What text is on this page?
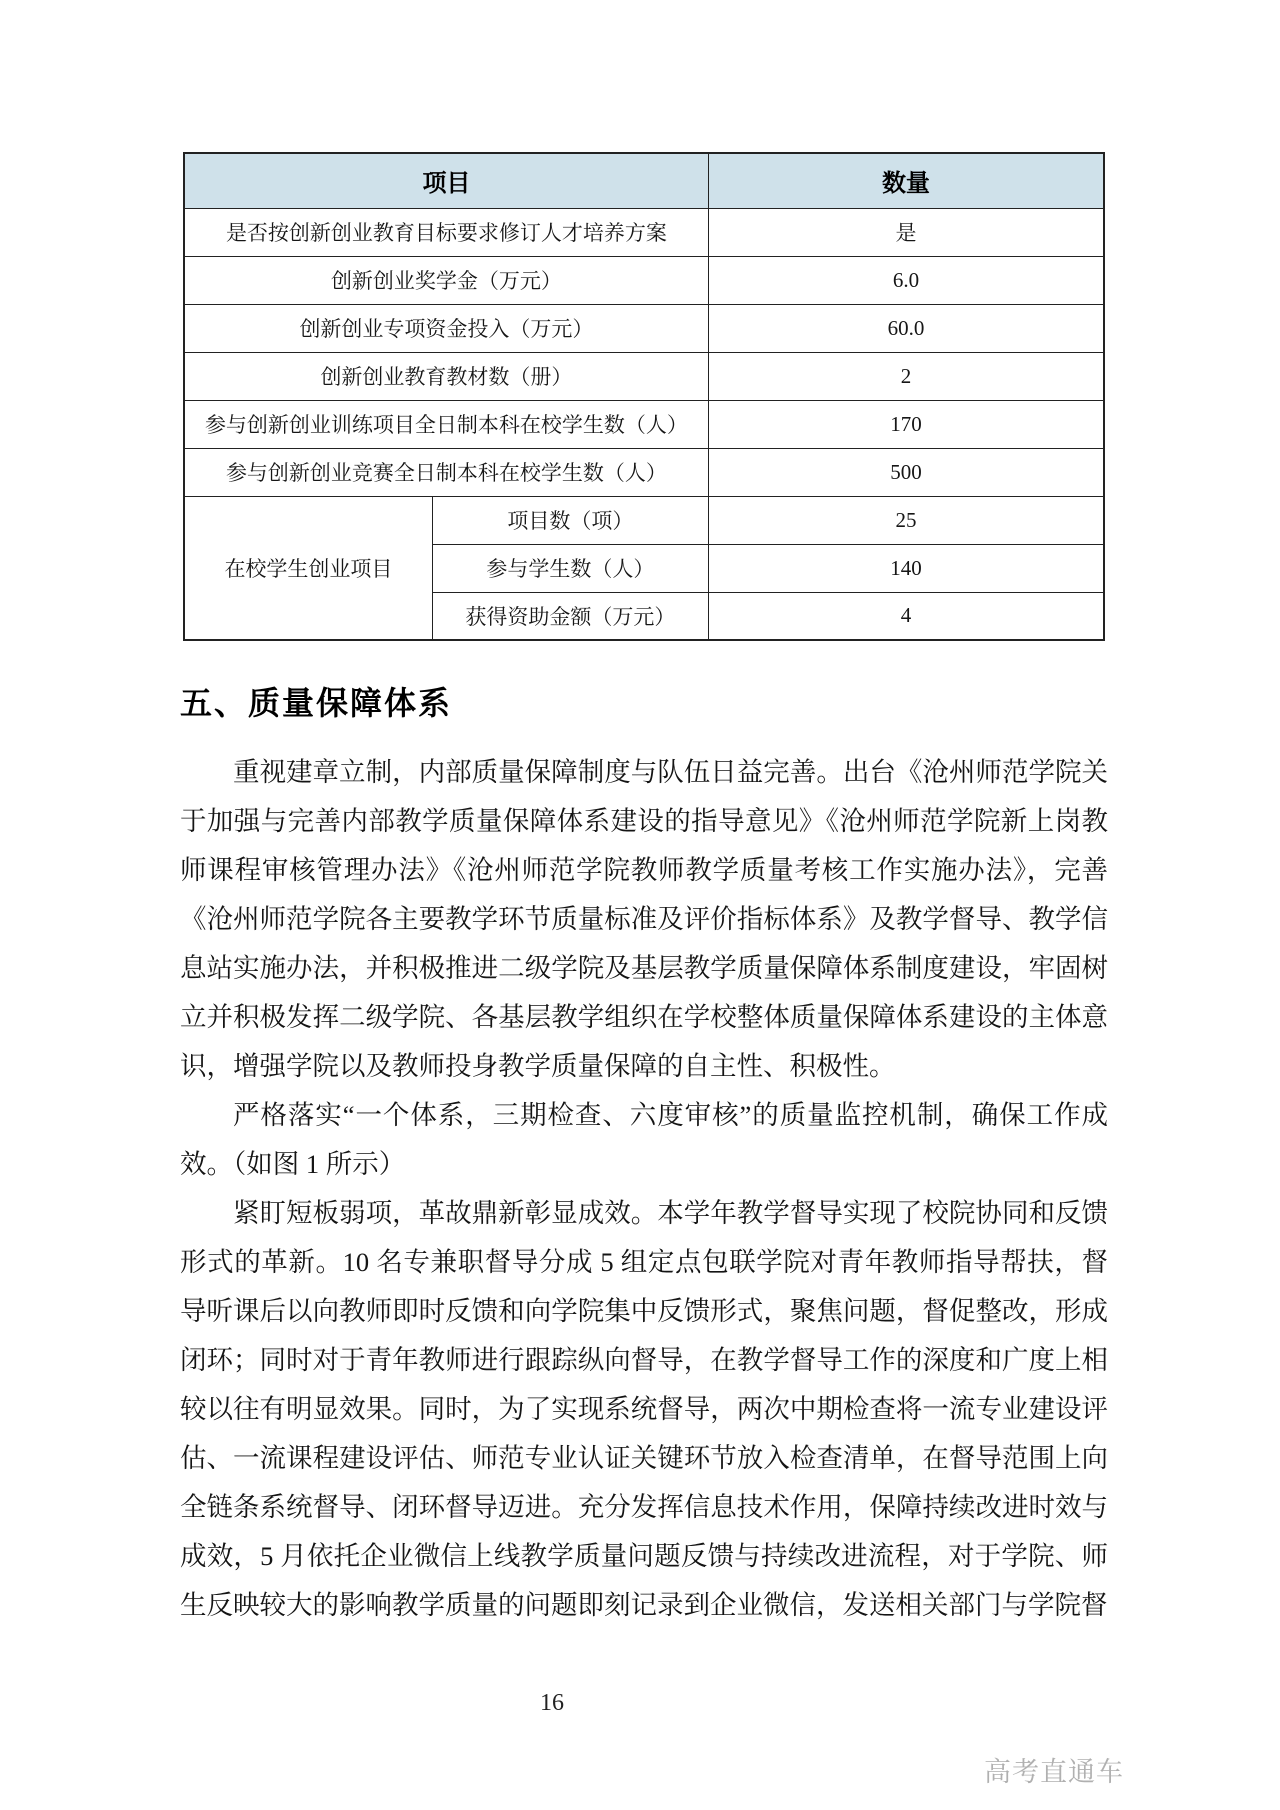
项目		数量
是否按创新创业教育目标要求修订人才培养方案		是
创新创业奖学金（万元）		6.0
创新创业专项资金投入（万元）		60.0
创新创业教育教材数（册）		2
参与创新创业训练项目全日制本科在校学生数（人）		170
参与创新创业竞赛全日制本科在校学生数（人）		500
在校学生创业项目	项目数（项）	25
	参与学生数（人）	140
	获得资助金额（万元）	4
五、质量保障体系

重视建章立制，内部质量保障制度与队伍日益完善。出台《沧州师范学院关于加强与完善内部教学质量保障体系建设的指导意见》《沧州师范学院新上岗教师课程审核管理办法》《沧州师范学院教师教学质量考核工作实施办法》，完善《沧州师范学院各主要教学环节质量标准及评价指标体系》及教学督导、教学信息站实施办法，并积极推进二级学院及基层教学质量保障体系制度建设，牢固树立并积极发挥二级学院、各基层教学组织在学校整体质量保障体系建设的主体意识，增强学院以及教师投身教学质量保障的自主性、积极性。

严格落实“一个体系，三期检查、六度审核”的质量监控机制，确保工作成效。（如图 1 所示）

紧盯短板弱项，革故鼎新彰显成效。本学年教学督导实现了校院协同和反馈形式的革新。10 名专兼职督导分成 5 组定点包联学院对青年教师指导帮扶，督导听课后以向教师即时反馈和向学院集中反馈形式，聚焦问题，督促整改，形成闭环；同时对于青年教师进行跟踪纵向督导，在教学督导工作的深度和广度上相较以往有明显效果。同时，为了实现系统督导，两次中期检查将一流专业建设评估、一流课程建设评估、师范专业认证关键环节放入检查清单，在督导范围上向全链条系统督导、闭环督导迈进。充分发挥信息技术作用，保障持续改进时效与成效，5 月依托企业微信上线教学质量问题反馈与持续改进流程，对于学院、师生反映较大的影响教学质量的问题即刻记录到企业微信，发送相关部门与学院督

16
高考直通车
